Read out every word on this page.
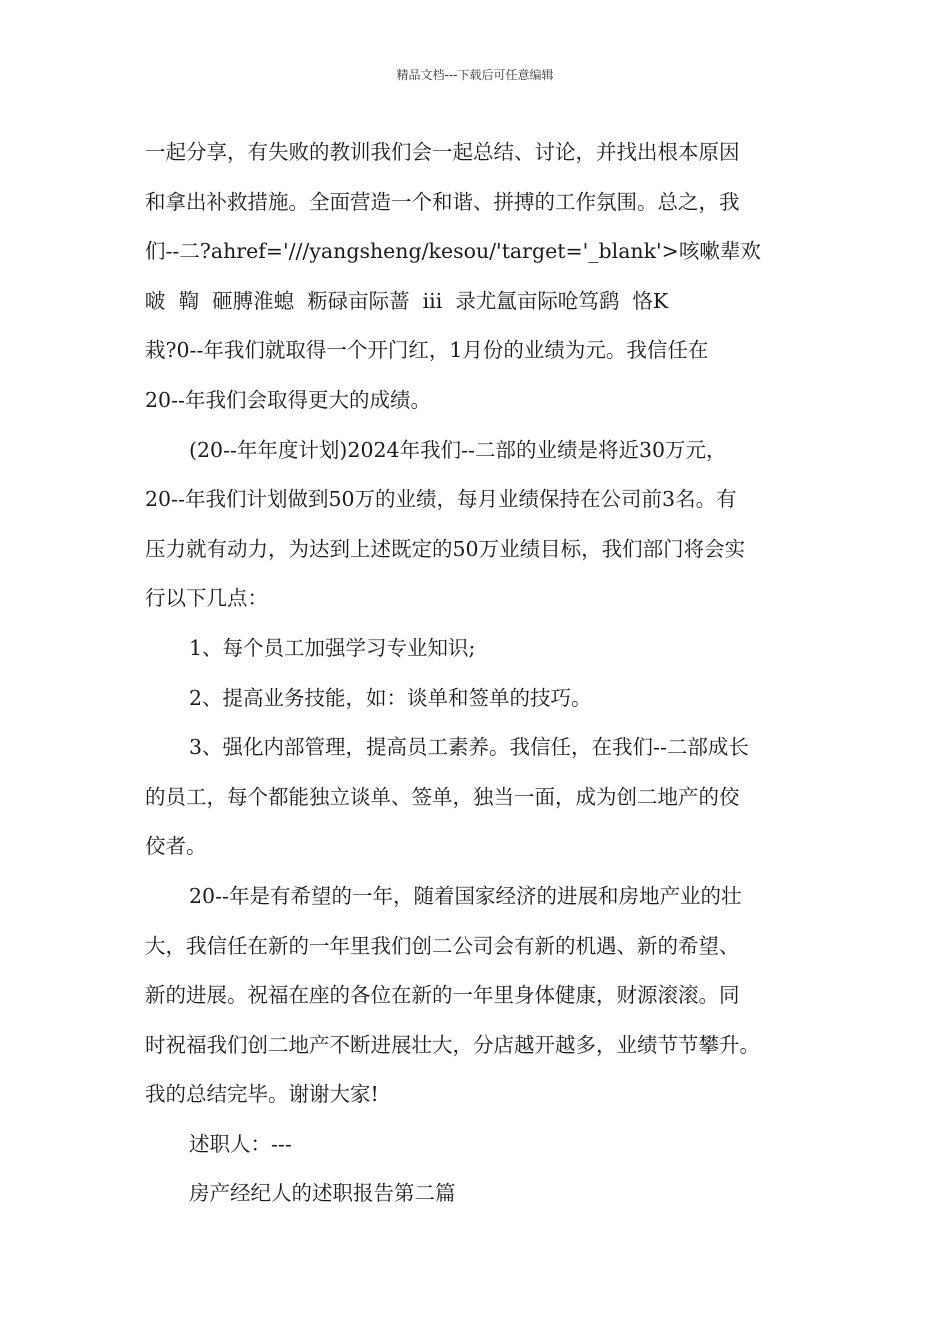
精品文档---下载后可任意编辑
一起分享，有失败的教训我们会一起总结、讨论，并找出根本原因
和拿出补救措施。全面营造一个和谐、拼搏的工作氛围。总之，我
们--二?ahref='///yangsheng/kesou/'target='_blank'>咳嗽辈欢
啵  鞫  砸膊淮螅  粝碌亩际蔷  iii  录尤氲亩际呛笃鹞  恪K
栽?0--年我们就取得一个开门红，1月份的业绩为元。我信任在
20--年我们会取得更大的成绩。
(20--年年度计划)2024年我们--二部的业绩是将近30万元，
20--年我们计划做到50万的业绩，每月业绩保持在公司前3名。有
压力就有动力，为达到上述既定的50万业绩目标，我们部门将会实
行以下几点：
1、每个员工加强学习专业知识;
2、提高业务技能，如：谈单和签单的技巧。
3、强化内部管理，提高员工素养。我信任，在我们--二部成长
的员工，每个都能独立谈单、签单，独当一面，成为创二地产的佼
佼者。
20--年是有希望的一年，随着国家经济的进展和房地产业的壮
大，我信任在新的一年里我们创二公司会有新的机遇、新的希望、
新的进展。祝福在座的各位在新的一年里身体健康，财源滚滚。同
时祝福我们创二地产不断进展壮大，分店越开越多，业绩节节攀升。
我的总结完毕。谢谢大家!
述职人：---
房产经纪人的述职报告第二篇
